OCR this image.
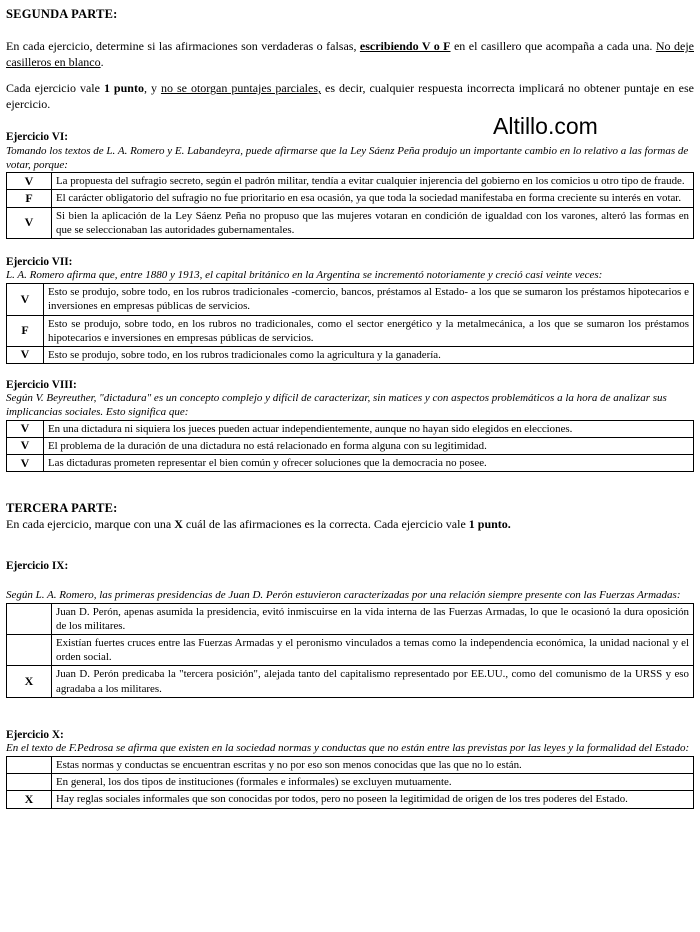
SEGUNDA PARTE:

En cada ejercicio, determine si las afirmaciones son verdaderas o falsas, escribiendo V o F en el casillero que acompaña a cada una. No deje casilleros en blanco.

Cada ejercicio vale 1 punto, y no se otorgan puntajes parciales, es decir, cualquier respuesta incorrecta implicará no obtener puntaje en ese ejercicio.

Ejercicio VI:
Tomando los textos de L. A. Romero y E. Labandeyra, puede afirmarse que la Ley Sáenz Peña produjo un importante cambio en lo relativo a las formas de votar, porque:
V	La propuesta del sufragio secreto, según el padrón militar, tendía a evitar cualquier injerencia del gobierno en los comicios u otro tipo de fraude.
F	El carácter obligatorio del sufragio no fue prioritario en esa ocasión, ya que toda la sociedad manifestaba en forma creciente su interés en votar.
V	Si bien la aplicación de la Ley Sáenz Peña no propuso que las mujeres votaran en condición de igualdad con los varones, alteró las formas en que se seleccionaban las autoridades gubernamentales.
Ejercicio VII:
L. A. Romero afirma que, entre 1880 y 1913, el capital británico en la Argentina se incrementó notoriamente y creció casi veinte veces:
V	Esto se produjo, sobre todo, en los rubros tradicionales -comercio, bancos, préstamos al Estado- a los que se sumaron los préstamos hipotecarios e inversiones en empresas públicas de servicios.
F	Esto se produjo, sobre todo, en los rubros no tradicionales, como el sector energético y la metalmecánica, a los que se sumaron los préstamos hipotecarios e inversiones en empresas públicas de servicios.
V	Esto se produjo, sobre todo, en los rubros tradicionales como la agricultura y la ganadería.
Ejercicio VIII:
Según V. Beyreuther, "dictadura" es un concepto complejo y difícil de caracterizar, sin matices y con aspectos problemáticos a la hora de analizar sus implicancias sociales. Esto significa que:
V	En una dictadura ni siquiera los jueces pueden actuar independientemente, aunque no hayan sido elegidos en elecciones.
V	El problema de la duración de una dictadura no está relacionado en forma alguna con su legitimidad.
V	Las dictaduras prometen representar el bien común y ofrecer soluciones que la democracia no posee.
TERCERA PARTE:

En cada ejercicio, marque con una X cuál de las afirmaciones es la correcta. Cada ejercicio vale 1 punto.

Ejercicio IX:
Según L. A. Romero, las primeras presidencias de Juan D. Perón estuvieron caracterizadas por una relación siempre presente con las Fuerzas Armadas:
	Juan D. Perón, apenas asumida la presidencia, evitó inmiscuirse en la vida interna de las Fuerzas Armadas, lo que le ocasionó la dura oposición de los militares.
	Existían fuertes cruces entre las Fuerzas Armadas y el peronismo vinculados a temas como la independencia económica, la unidad nacional y el orden social.
X	Juan D. Perón predicaba la "tercera posición", alejada tanto del capitalismo representado por EE.UU., como del comunismo de la URSS y eso agradaba a los militares.
Ejercicio X:
En el texto de F.Pedrosa se afirma que existen en la sociedad normas y conductas que no están entre las previstas por las leyes y la formalidad del Estado:
	Estas normas y conductas se encuentran escritas y no por eso son menos conocidas que las que no lo están.
	En general, los dos tipos de instituciones (formales e informales) se excluyen mutuamente.
X	Hay reglas sociales informales que son conocidas por todos, pero no poseen la legitimidad de origen de los tres poderes del Estado.
Altillo.com
